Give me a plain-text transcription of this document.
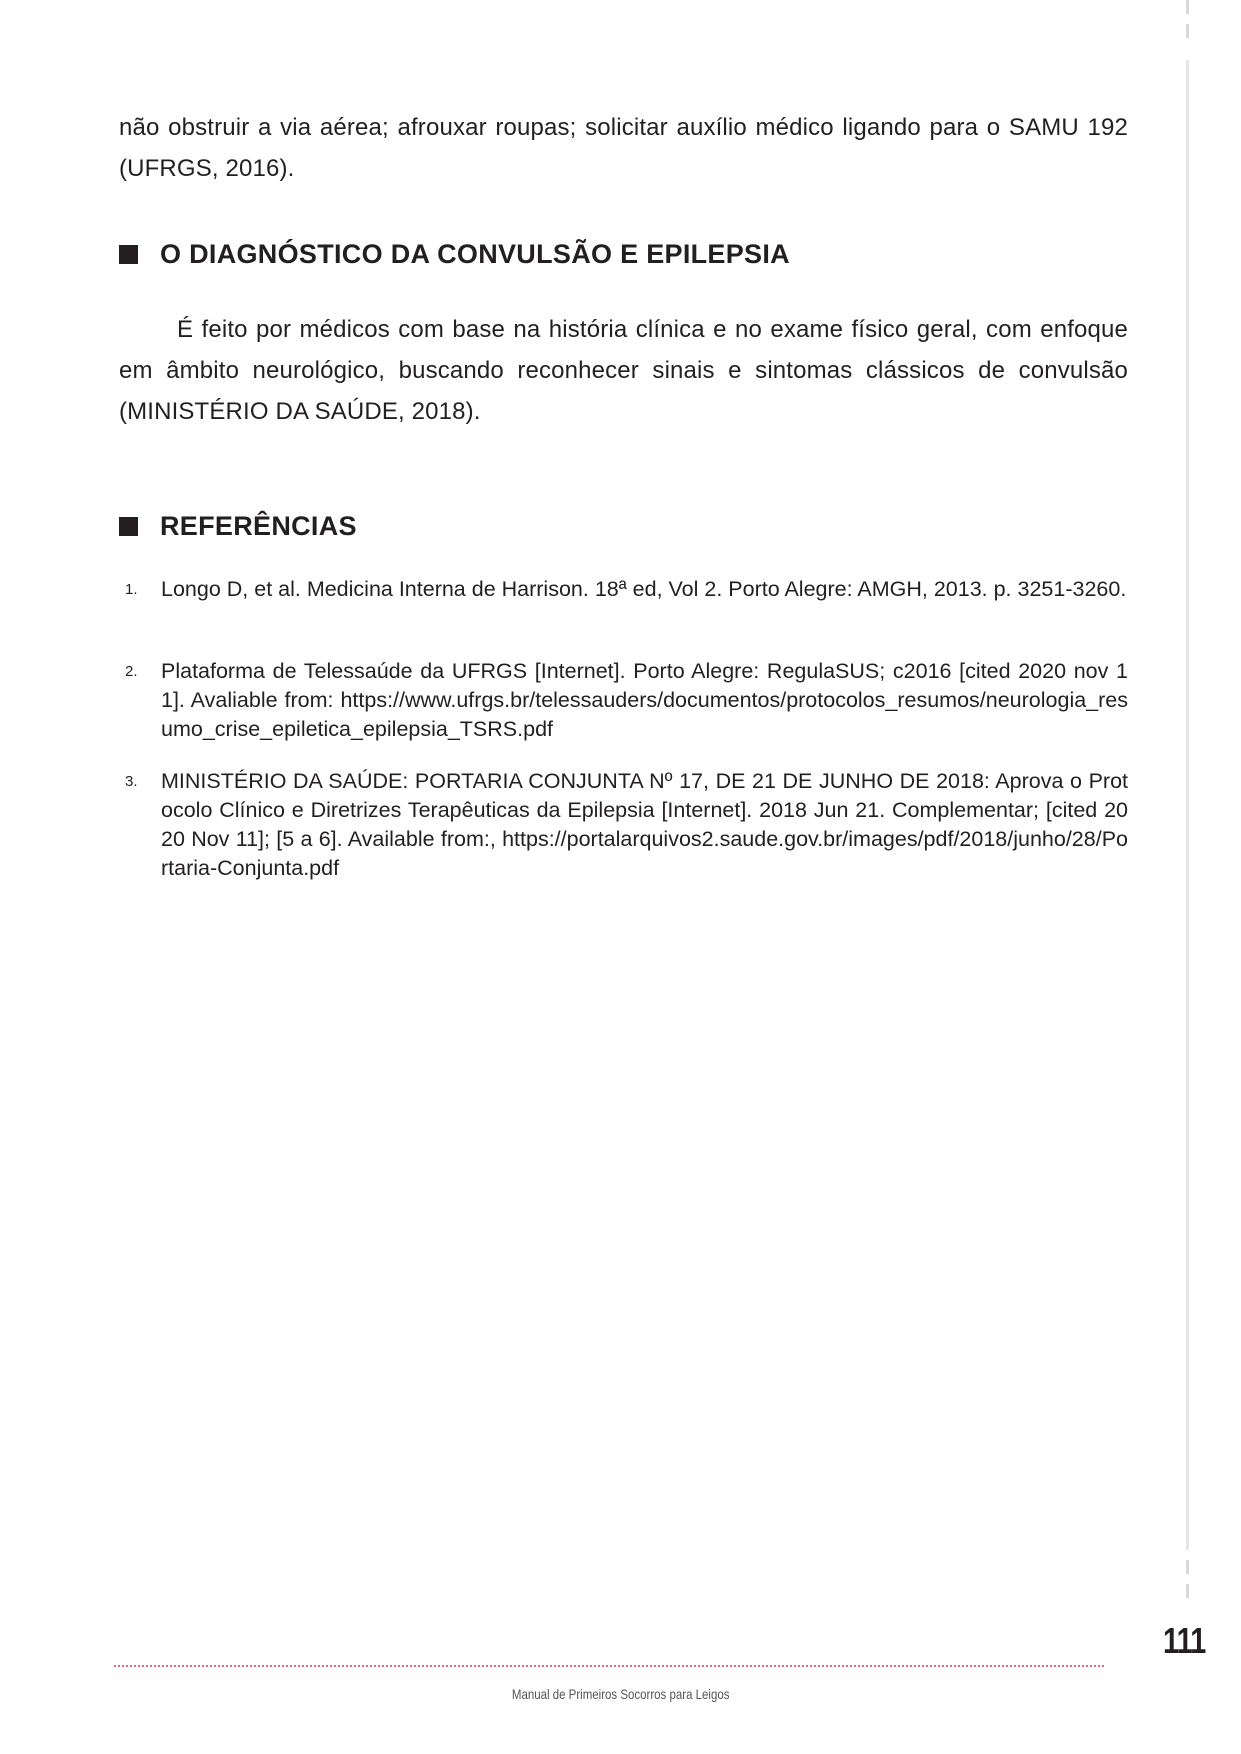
não obstruir a via aérea; afrouxar roupas; solicitar auxílio médico ligando para o SAMU 192 (UFRGS, 2016).

O DIAGNÓSTICO DA CONVULSÃO E EPILEPSIA

É feito por médicos com base na história clínica e no exame físico geral, com enfoque em âmbito neurológico, buscando reconhecer sinais e sintomas clássicos de convulsão (MINISTÉRIO DA SAÚDE, 2018).

REFERÊNCIAS
1.	Longo D, et al. Medicina Interna de Harrison. 18ª ed, Vol 2. Porto Alegre: AMGH, 2013. p. 3251-3260.
2.	Plataforma de Telessaúde da UFRGS [Internet]. Porto Alegre: RegulaSUS; c2016 [cited 2020 nov 11]. Avaliable from: https://www.ufrgs.br/telessauders/documentos/protocolos_resumos/neurologia_resumo_crise_epiletica_epilepsia_TSRS.pdf
3.	MINISTÉRIO DA SAÚDE: PORTARIA CONJUNTA Nº 17, DE 21 DE JUNHO DE 2018: Aprova o Protocolo Clínico e Diretrizes Terapêuticas da Epilepsia [Internet]. 2018 Jun 21. Complementar; [cited 2020 Nov 11]; [5 a 6]. Available from:, https://portalarquivos2.saude.gov.br/images/pdf/2018/junho/28/Portaria-Conjunta.pdf
111
Manual de Primeiros Socorros para Leigos
